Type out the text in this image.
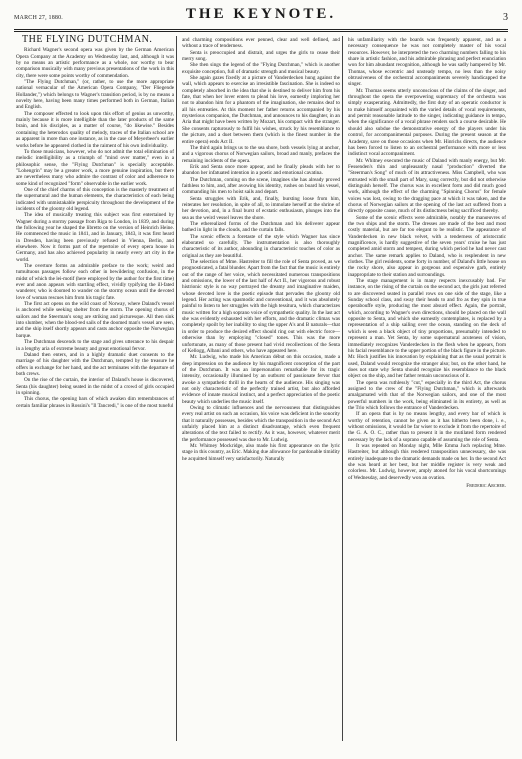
MARCH 27, 1880.	THE KEYNOTE.	3
THE FLYING DUTCHMAN.

Richard Wagner's second opera was given by the German American Opera Company at the Academy on Wednesday last, and, although it was by no means an artistic performance as a whole, nor worthy to bear comparison musically with many previous presentations of the work in this city, there were some points worthy of commendation.

"The Flying Dutchman," (or, rather, to use the more appropriate national vernacular of the American Opera Company, "Der Fliegende Hollander,") which belongs to Wagner's transition period, is by no means a novelty here, having been many times performed both in German, Italian and English.

The composer effected to look upon this effort of genius as unworthy, mainly because it is more intelligible than the later products of the same brain, and his disciples, as a matter of course, "do likewise." Besides containing the heterodox quality of melody, traces of the Italian school are as apparent in more than one instance, as in the case of Meyerbeer's earlier works before he appeared clothed in the raiment of his own individuality.

To those musicians, however, who do not admit the total elimination of melodic intelligibility as a triumph of "mind over matter," even in a philosophic sense, the "Flying Dutchman" is specially acceptable. "Lohengrin" may be a greater work, a more genuine inspiration, but there are nevertheless many who admire the contrast of color and adherence to some kind of recognized "form" observable in the earlier work.

One of the chief charms of this conception is the masterly treatment of the supernatural and the human elements, the characteristics of each being indicated with unmistakable perspicuity throughout the development of the incidents of the gloomy old legend.

The idea of musically treating this subject was first entertained by Wagner during a stormy passage from Riga to London, in 1839, and during the following year he shaped the libretto on the version of Heinrich Heine. He commenced the music in 1841, and in January, 1843, it was first heard in Dresden, having been previously refused in Vienna, Berlin, and elsewhere. Now it forms part of the repertoire of every opera house in Germany, and has also achieved popularity in nearly every art city in the world.

The overture forms an admirable preface to the work; weird and tumultuous passages follow each other in bewildering confusion, in the midst of which the lei-motif (here employed by the author for the first time) ever and anon appears with startling effect, vividly typifying the ill-fated wanderer, who is doomed to wander on the stormy ocean until the devoted love of woman rescues him from his tragic fate.

The first act opens on the wild coast of Norway, where Daland's vessel is anchored while seeking shelter from the storm. The opening chorus of sailors and the Steerman's song are striking and picturesque. All then sink into slumber, when the blood-red sails of the doomed man's vessel are seen, and the ship itself shortly appears and casts anchor opposite the Norwegian barque.

The Dutchman descends to the stage and gives utterance to his despair in a lengthy aria of extreme beauty and great emotional fervor.

Daland then enters, and in a highly dramatic duet consents to the marriage of his daughter with the Dutchman, tempted by the treasure he offers in exchange for her hand, and the act terminates with the departure of both crews.

On the rise of the curtain, the interior of Daland's house is discovered, Senta (his daughter) being seated in the midst of a crowd of girls occupied in spinning.

This chorus, the opening bars of which awaken dim remembrances of certain familiar phrases in Rossini's "Il Tancredi," is one of the most tuneful

and charming compositions ever penned, clear and well defined, and without a trace of tenderness.

Senta is preoccupied and distrait, and urges the girls to cease their merry song.

She then sings the legend of the "Flying Dutchman," which is another exquisite conception, full of dramatic strength and musical beauty.

She again gazes fixedly at a picture of Vanderdecken hung against the wall, which appears to exercise an irresistible fascination. She is indeed so completely absorbed in the idea that she is destined to deliver him from his fate, that when her lover enters to plead his love, earnestly imploring her not to abandon him for a phantom of the imagination, she remains deaf to all his entreaties. At this moment her father returns accompanied by his mysterious companion, the Dutchman, and announces to his daughter, in an Aria that might have been written by Mozart, his compact with the stranger. She consents rapturously to fulfil his wishes, struck by his resemblance to the picture, and a duet between them (which is the finest number in the entire opera) ends Act II.

The third again brings us to the sea shore, both vessels lying at anchor, and a vigorous chorus of Norwegian sailors, broad and manly, prefaces the remaining incidents of the opera.

Erik and Senta once more appear, and he finally pleads with her to abandon her infatuated intention in a poetic and emotional cavatina.

The Dutchman, coming on the scene, imagines she has already proved faithless to him, and, after avowing his identity, rushes on board his vessel, commanding his men to hoist sails and depart.

Senta struggles with Erik, and, finally, bursting loose from him, reiterates her resolution, in spite of all, to immolate herself at the shrine of her devotion, and, in a final burst of ecstatic enthusiasm, plunges into the sea as the weird vessel leaves the shore.

The etherealized forms of the Dutchman and his deliverer appear bathed in light in the clouds, and the curtain falls.

The scenic effects a foretaste of the style which Wagner has since elaborated so carefully. The instrumentation is also thoroughly characteristic of its author, abounding in characteristic touches of color as original as they are beautiful.

The selection of Mme. Hastreiter to fill the role of Senta proved, as we prognosticated, a fatal blunder. Apart from the fact that the music is entirely out of the range of her voice, which necessitated numerous transpositions and omissions, the lower of the last half of Act II., her vigorous and robust histrionic style is no way portrayed the dreamy and imaginative maiden, whose devoted love is the poetic episode that pervades the gloomy old legend. Her acting was spasmodic and conventional, and it was absolutely painful to listen to her struggles with the high tessitura, which characterizes music written for a high soprano voice of sympathetic quality. In the last act she was evidently exhausted with her efforts, and the dramatic climax was completely spoilt by her inability to sing the upper A's and B naturals—that in order to produce the desired effect should ring out with electric force—otherwise than by employing "closed" tones. This was the more unfortunate, as many of those present had vivid recollections of the Senta of Kellogg, Albani and others, who have appeared here.

Mr. Ludwig, who made his American début on this occasion, made a deep impression on the audience by his magnificent conception of the part of the Dutchman. It was an impersonation remarkable for its tragic intensity, occasionally illumined by an outburst of passionate fervor that awoke a sympathetic thrill in the hearts of the audience. His singing was not only characteristic of the perfectly trained artist, but also afforded evidence of innate musical instinct, and a perfect appreciation of the poetic beauty which underlies the music itself.

Owing to climatic influences and the nervousness that distinguishes every real artist on such an occasion, his voice was deficient in the sonority that it naturally possesses, besides which the transposition in the second Act unfairly placed him at a distinct disadvantage, which even frequent alterations of the text failed to rectify. As it was, however, whatever merit the performance possessed was due to Mr. Ludwig.

Mr. Whitney Mockridge, also made his first appearance on the lyric stage in this country, as Eric. Making due allowance for pardonable timidity he acquitted himself very satisfactorily. Naturally

his unfamiliarity with the boards was frequently apparent, and as a necessary consequence he was not completely master of his vocal resources. However, he interpreted the two charming numbers falling to his share in artistic fashion, and his admirable phrasing and perfect enunciation won for him abundant recognition, although he was sadly hampered by Mr. Thomas, whose eccentric and unsteady tempo, no less than the noisy obtrusiveness of the orchestral accompaniments severely handicapped the singer.

Mr. Thomas seems utterly unconscious of the claims of the singer, and throughout the opera the overpowering supremacy of the orchestra was simply exasperating. Admittedly, the first duty of an operatic conductor is to make himself acquainted with the varied details of vocal requirements, and permit reasonable latitude to the singer, indicating guidance in tempo, when the significance of a vocal phrase renders such a course desirable. He should also subdue the demonstrative energy of the players under his control, for accompanimental purposes. During the present season at the Academy, save on those occasions when Mr. Hinrichs directs, the audience has been forced to listen to an orchestral performance with more or less indistinct vocal accompaniment.

Mr. Whitney executed the music of Daland with manly energy, but Mr. Fessenden's thin and unpleasantly nasal "production" diverted the "Steerman's Song" of much of its attractiveness. Miss Campbell, who was entrusted with the small part of Mary, sang correctly, but did not otherwise distinguish herself. The chorus was in excellent form and did much good work, although the effect of the charming "Spinning Chorus" for female voices was lost, owing to the dragging pace at which it was taken, and the chorus of Norwegian sailors at the opening of the last act suffered from a directly opposite cause, much of its distinctness being sacrificed thereby.

Some of the scenic effects were admirable, notably the manœuvres of the two ships and the storm. The dresses are made of the best and most costly material, but are far too elegant to be realistic. The appearance of Vanderdecken in new black velvet, with a tenderness of aristocratic magnificence, is hardly suggestive of the seven years' cruise he has just completed amid storm and tempest, during which period he had never cast anchor. The same remark applies to Daland, who is resplendent in new clothes. The girl residents, some forty in number, of Daland's little house on the rocky shore, also appear in gorgeous and expensive garb, entirely inappropriate to their station and surroundings.

The stage management is in many respects inexcusably bad. For instance, on the rising of the curtain on the second act, the girls just referred to are discovered seated in parallel rows on one side of the stage, like a Sunday school class, and sway their heads to and fro as they spin in true operabouffe style, producing the most absurd effect. Again, the portrait, which, according to Wagner's own directions, should be placed on the wall opposite to Senta, and which she earnestly contemplates, is replaced by a representation of a ship sailing over the ocean, standing on the deck of which is seen a black object of tiny proportions, presumably intended to represent a man. Yet Senta, by some supernatural acuteness of vision, immediately recognizes Vanderdecken in the flesh when he appears, from his facial resemblance to the upper portion of the black figure in the picture. Mr. Hoch justifies his innovation by explaining that as the usual portrait is used, Daland would recognize the stranger also; but, on the other hand, he does not state why Senta should recognize his resemblance to the black object on the ship, and her father remain unconscious of it.

The opera was ruthlessly "cut," especially in the third Act, the chorus assigned to the crew of the "Flying Dutchman," which is afterwards amalgamated with that of the Norwegian sailors, and one of the most powerful numbers in the work, being eliminated in its entirety, as well as the Trio which follows the entrance of Vanderdecken.

If an opera that is by no means lengthy, and every bar of which is worthy of retention, cannot be given as it has hitherto been done, i. e., without omissions, it would be far wiser to exclude it from the repertoire of the G. A. O. C., rather than to present it in the mutilated form rendered necessary by the lack of a soprano capable of assuming the role of Senta.

It was repeated on Monday night, Mlle Emma Juch replacing Mme. Hastreiter, but although this rendered transposition unnecessary, she was entirely inadequate to the dramatic demands made on her. In the second Act she was heard at her best, but her middle register is very weak and colorless. Mr. Ludwig, however, amply atoned for his vocal shortcomings of Wednesday, and deservedly won an ovation.

Frederic Archer.
